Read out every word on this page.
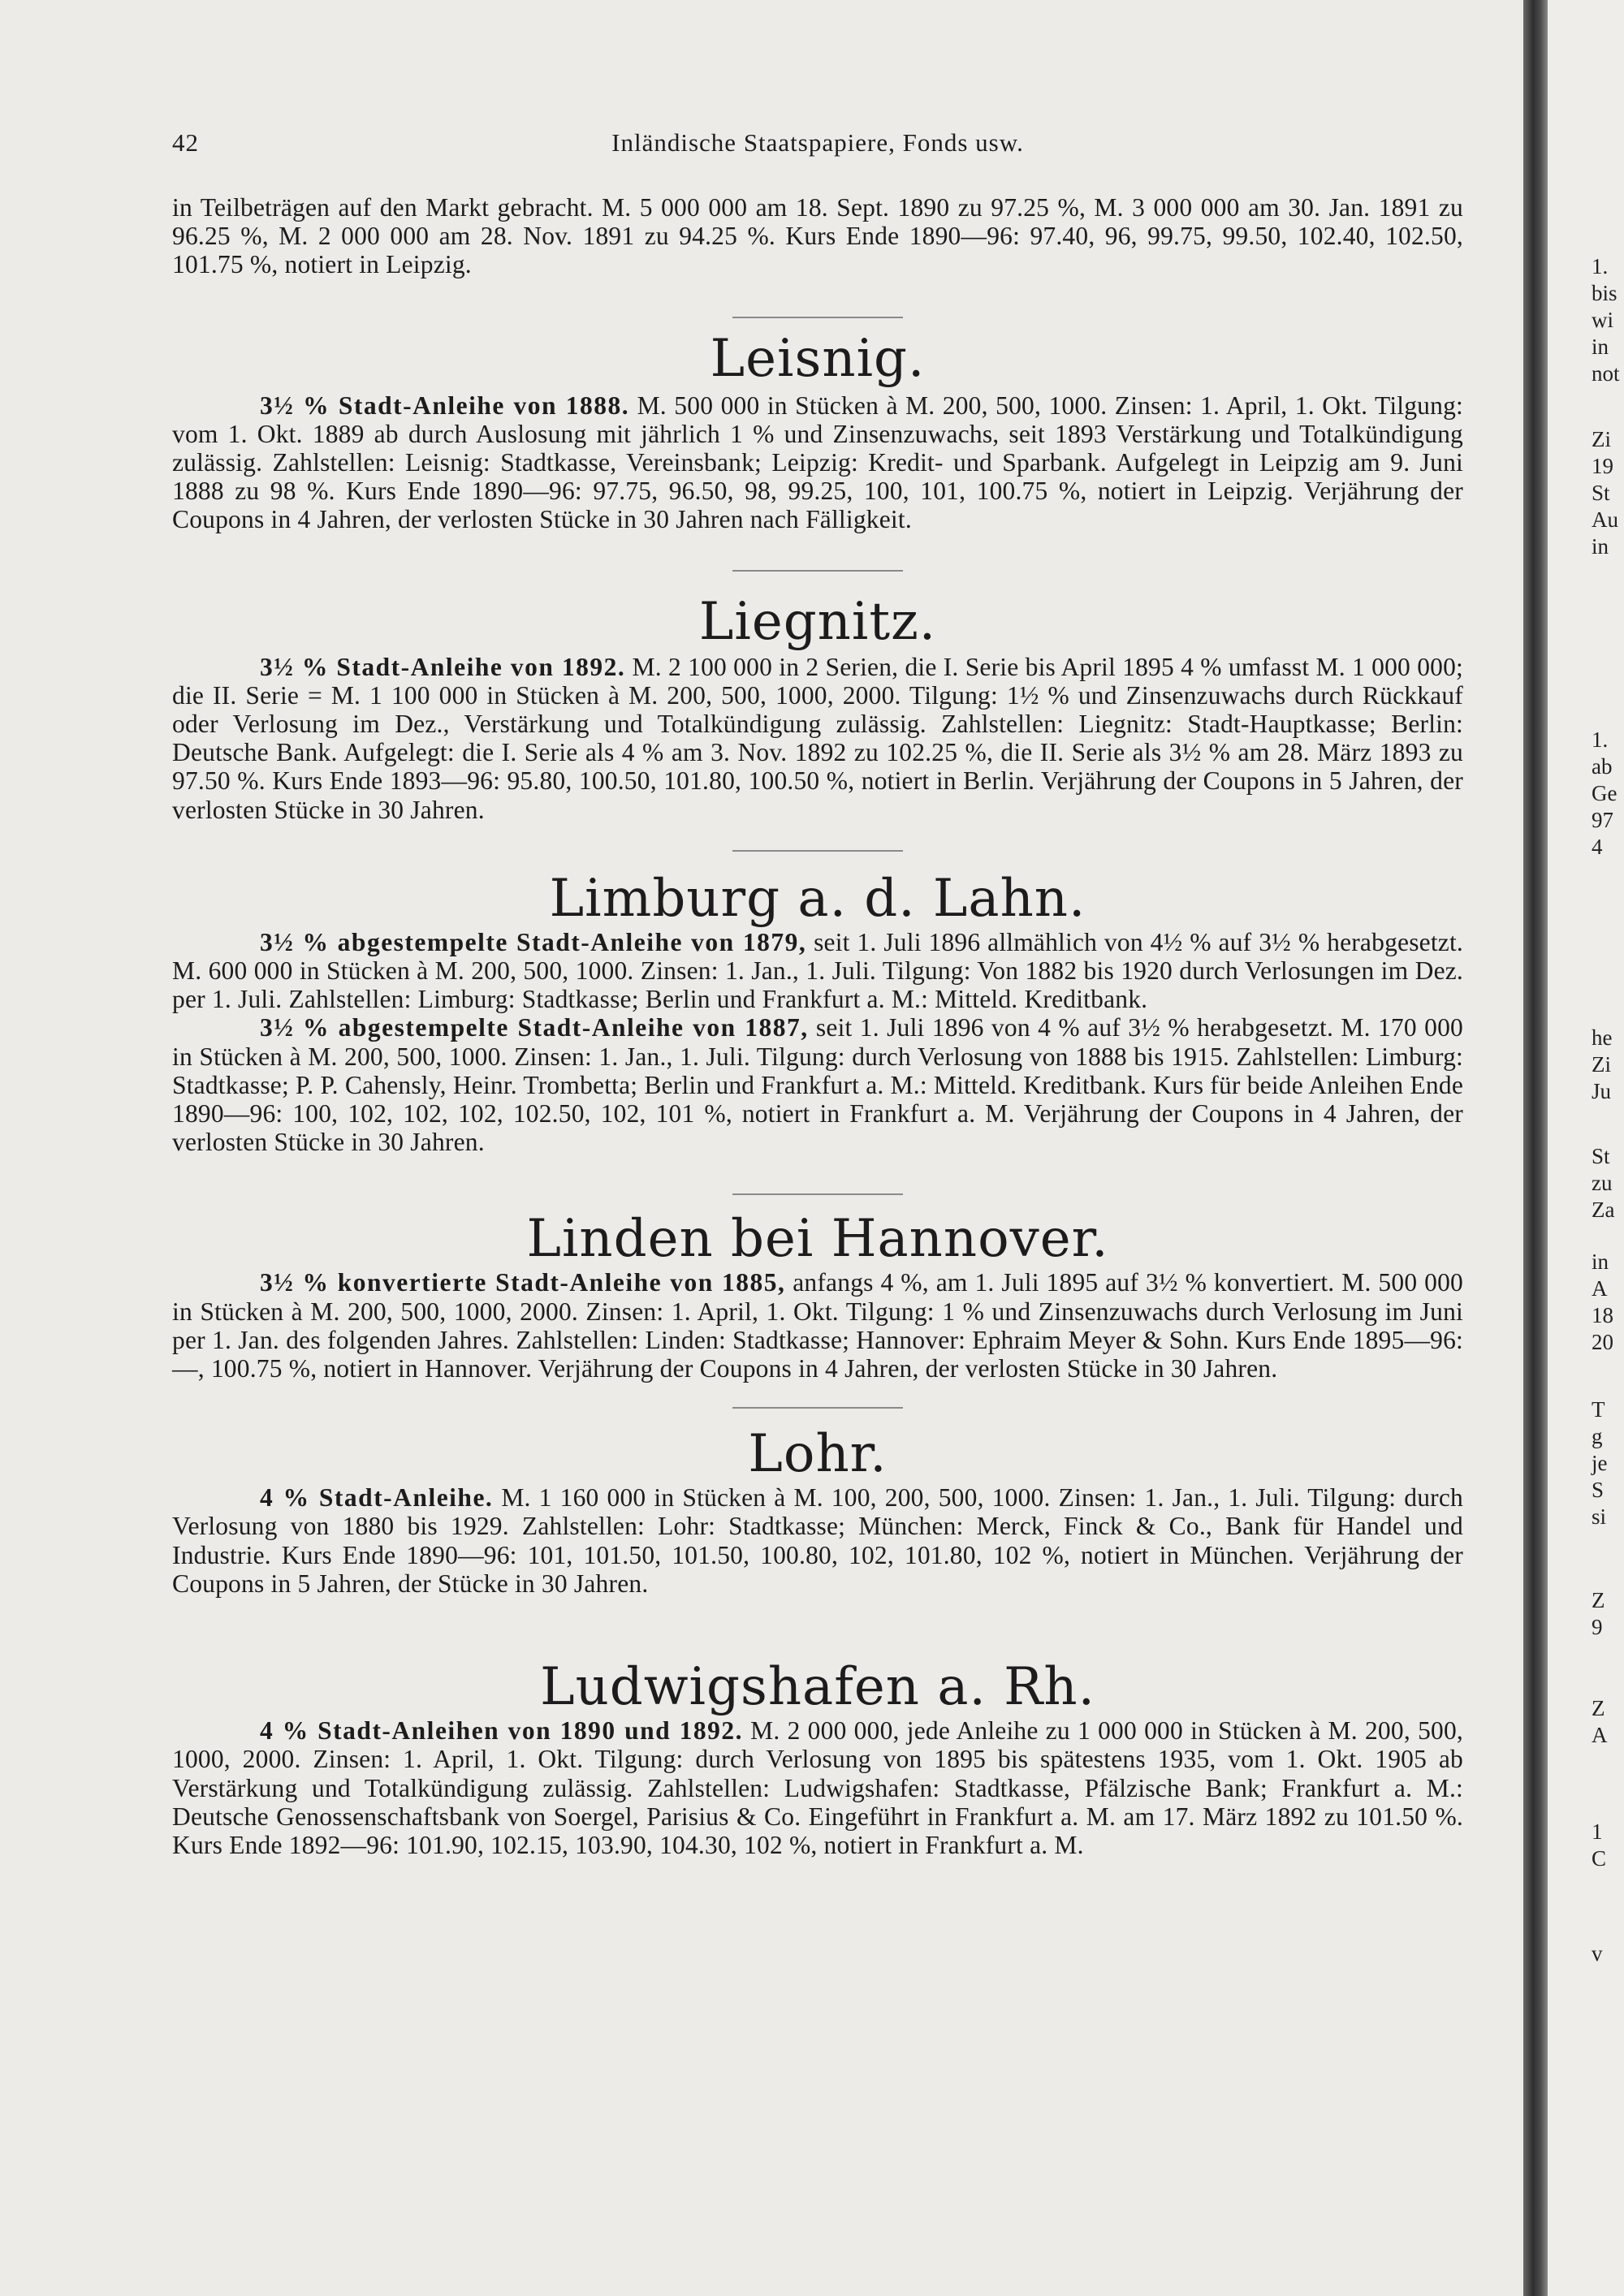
42	Inländische Staatspapiere, Fonds usw.

in Teilbeträgen auf den Markt gebracht. M. 5 000 000 am 18. Sept. 1890 zu 97.25 %, M. 3 000 000 am 30. Jan. 1891 zu 96.25 %, M. 2 000 000 am 28. Nov. 1891 zu 94.25 %. Kurs Ende 1890—96: 97.40, 96, 99.75, 99.50, 102.40, 102.50, 101.75 %, notiert in Leipzig.

Leisnig.

3½ % Stadt-Anleihe von 1888. M. 500 000 in Stücken à M. 200, 500, 1000. Zinsen: 1. April, 1. Okt. Tilgung: vom 1. Okt. 1889 ab durch Auslosung mit jährlich 1 % und Zinsenzuwachs, seit 1893 Verstärkung und Totalkündigung zulässig. Zahlstellen: Leisnig: Stadtkasse, Vereinsbank; Leipzig: Kredit- und Sparbank. Aufgelegt in Leipzig am 9. Juni 1888 zu 98 %. Kurs Ende 1890—96: 97.75, 96.50, 98, 99.25, 100, 101, 100.75 %, notiert in Leipzig. Verjährung der Coupons in 4 Jahren, der verlosten Stücke in 30 Jahren nach Fälligkeit.

Liegnitz.

3½ % Stadt-Anleihe von 1892. M. 2 100 000 in 2 Serien, die I. Serie bis April 1895 4 % umfasst M. 1 000 000; die II. Serie = M. 1 100 000 in Stücken à M. 200, 500, 1000, 2000. Tilgung: 1½ % und Zinsenzuwachs durch Rückkauf oder Verlosung im Dez., Verstärkung und Totalkündigung zulässig. Zahlstellen: Liegnitz: Stadt-Hauptkasse; Berlin: Deutsche Bank. Aufgelegt: die I. Serie als 4 % am 3. Nov. 1892 zu 102.25 %, die II. Serie als 3½ % am 28. März 1893 zu 97.50 %. Kurs Ende 1893—96: 95.80, 100.50, 101.80, 100.50 %, notiert in Berlin. Verjährung der Coupons in 5 Jahren, der verlosten Stücke in 30 Jahren.

Limburg a. d. Lahn.

3½ % abgestempelte Stadt-Anleihe von 1879, seit 1. Juli 1896 allmählich von 4½ % auf 3½ % herabgesetzt. M. 600 000 in Stücken à M. 200, 500, 1000. Zinsen: 1. Jan., 1. Juli. Tilgung: Von 1882 bis 1920 durch Verlosungen im Dez. per 1. Juli. Zahlstellen: Limburg: Stadtkasse; Berlin und Frankfurt a. M.: Mitteld. Kreditbank.

3½ % abgestempelte Stadt-Anleihe von 1887, seit 1. Juli 1896 von 4 % auf 3½ % herabgesetzt. M. 170 000 in Stücken à M. 200, 500, 1000. Zinsen: 1. Jan., 1. Juli. Tilgung: durch Verlosung von 1888 bis 1915. Zahlstellen: Limburg: Stadtkasse; P. P. Cahensly, Heinr. Trombetta; Berlin und Frankfurt a. M.: Mitteld. Kreditbank. Kurs für beide Anleihen Ende 1890—96: 100, 102, 102, 102, 102.50, 102, 101 %, notiert in Frankfurt a. M. Verjährung der Coupons in 4 Jahren, der verlosten Stücke in 30 Jahren.

Linden bei Hannover.

3½ % konvertierte Stadt-Anleihe von 1885, anfangs 4 %, am 1. Juli 1895 auf 3½ % konvertiert. M. 500 000 in Stücken à M. 200, 500, 1000, 2000. Zinsen: 1. April, 1. Okt. Tilgung: 1 % und Zinsenzuwachs durch Verlosung im Juni per 1. Jan. des folgenden Jahres. Zahlstellen: Linden: Stadtkasse; Hannover: Ephraim Meyer & Sohn. Kurs Ende 1895—96: —, 100.75 %, notiert in Hannover. Verjährung der Coupons in 4 Jahren, der verlosten Stücke in 30 Jahren.

Lohr.

4 % Stadt-Anleihe. M. 1 160 000 in Stücken à M. 100, 200, 500, 1000. Zinsen: 1. Jan., 1. Juli. Tilgung: durch Verlosung von 1880 bis 1929. Zahlstellen: Lohr: Stadtkasse; München: Merck, Finck & Co., Bank für Handel und Industrie. Kurs Ende 1890—96: 101, 101.50, 101.50, 100.80, 102, 101.80, 102 %, notiert in München. Verjährung der Coupons in 5 Jahren, der Stücke in 30 Jahren.

Ludwigshafen a. Rh.

4 % Stadt-Anleihen von 1890 und 1892. M. 2 000 000, jede Anleihe zu 1 000 000 in Stücken à M. 200, 500, 1000, 2000. Zinsen: 1. April, 1. Okt. Tilgung: durch Verlosung von 1895 bis spätestens 1935, vom 1. Okt. 1905 ab Verstärkung und Totalkündigung zulässig. Zahlstellen: Ludwigshafen: Stadtkasse, Pfälzische Bank; Frankfurt a. M.: Deutsche Genossenschaftsbank von Soergel, Parisius & Co. Eingeführt in Frankfurt a. M. am 17. März 1892 zu 101.50 %. Kurs Ende 1892—96: 101.90, 102.15, 103.90, 104.30, 102 %, notiert in Frankfurt a. M.

1.
bis
wi
in
not
Zi
19
St
Au
in
1.
ab
Ge
97
4
he
Zi
Ju
St
zu
Za
in
A
18
20
T
g
je
S
si
Z
9
Z
A
1
C
v
